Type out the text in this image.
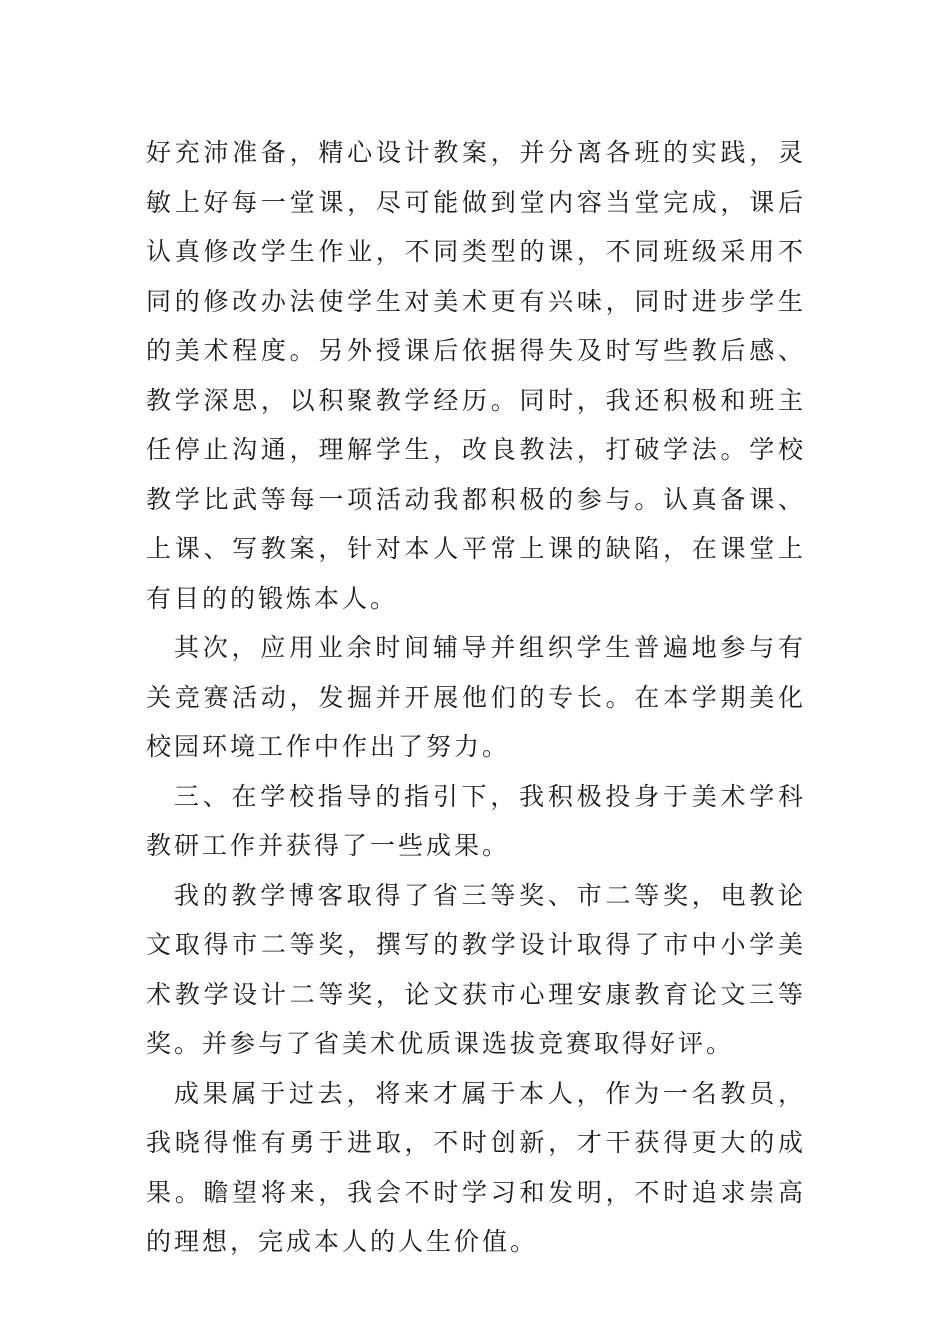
好充沛准备，精心设计教案，并分离各班的实践，灵敏上好每一堂课，尽可能做到堂内容当堂完成，课后认真修改学生作业，不同类型的课，不同班级采用不同的修改办法使学生对美术更有兴味，同时进步学生的美术程度。另外授课后依据得失及时写些教后感、教学深思，以积聚教学经历。同时，我还积极和班主任停止沟通，理解学生，改良教法，打破学法。学校教学比武等每一项活动我都积极的参与。认真备课、上课、写教案，针对本人平常上课的缺陷，在课堂上有目的的锻炼本人。

其次，应用业余时间辅导并组织学生普遍地参与有关竞赛活动，发掘并开展他们的专长。在本学期美化校园环境工作中作出了努力。

三、在学校指导的指引下，我积极投身于美术学科教研工作并获得了一些成果。

我的教学博客取得了省三等奖、市二等奖，电教论文取得市二等奖，撰写的教学设计取得了市中小学美术教学设计二等奖，论文获市心理安康教育论文三等奖。并参与了省美术优质课选拔竞赛取得好评。

成果属于过去，将来才属于本人，作为一名教员，我晓得惟有勇于进取，不时创新，才干获得更大的成果。瞻望将来，我会不时学习和发明，不时追求崇高的理想，完成本人的人生价值。
